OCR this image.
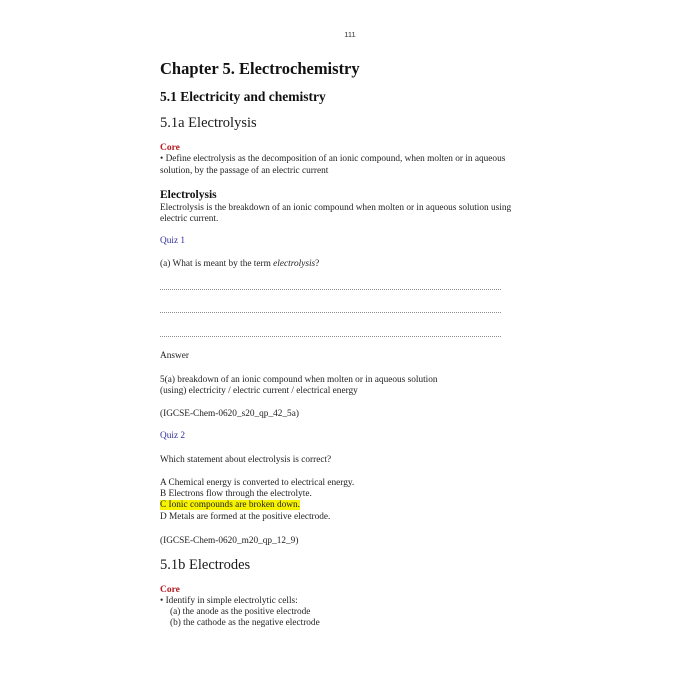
111
Chapter 5. Electrochemistry
5.1 Electricity and chemistry
5.1a Electrolysis
Core
• Define electrolysis as the decomposition of an ionic compound, when molten or in aqueous
solution, by the passage of an electric current
Electrolysis
Electrolysis is the breakdown of an ionic compound when molten or in aqueous solution using
electric current.
Quiz 1
(a) What is meant by the term electrolysis?
Answer
5(a) breakdown of an ionic compound when molten or in aqueous solution
(using) electricity / electric current / electrical energy
(IGCSE-Chem-0620_s20_qp_42_5a)
Quiz 2
Which statement about electrolysis is correct?
A Chemical energy is converted to electrical energy.
B Electrons flow through the electrolyte.
C Ionic compounds are broken down.
D Metals are formed at the positive electrode.
(IGCSE-Chem-0620_m20_qp_12_9)
5.1b Electrodes
Core
• Identify in simple electrolytic cells:
(a) the anode as the positive electrode
(b) the cathode as the negative electrode
